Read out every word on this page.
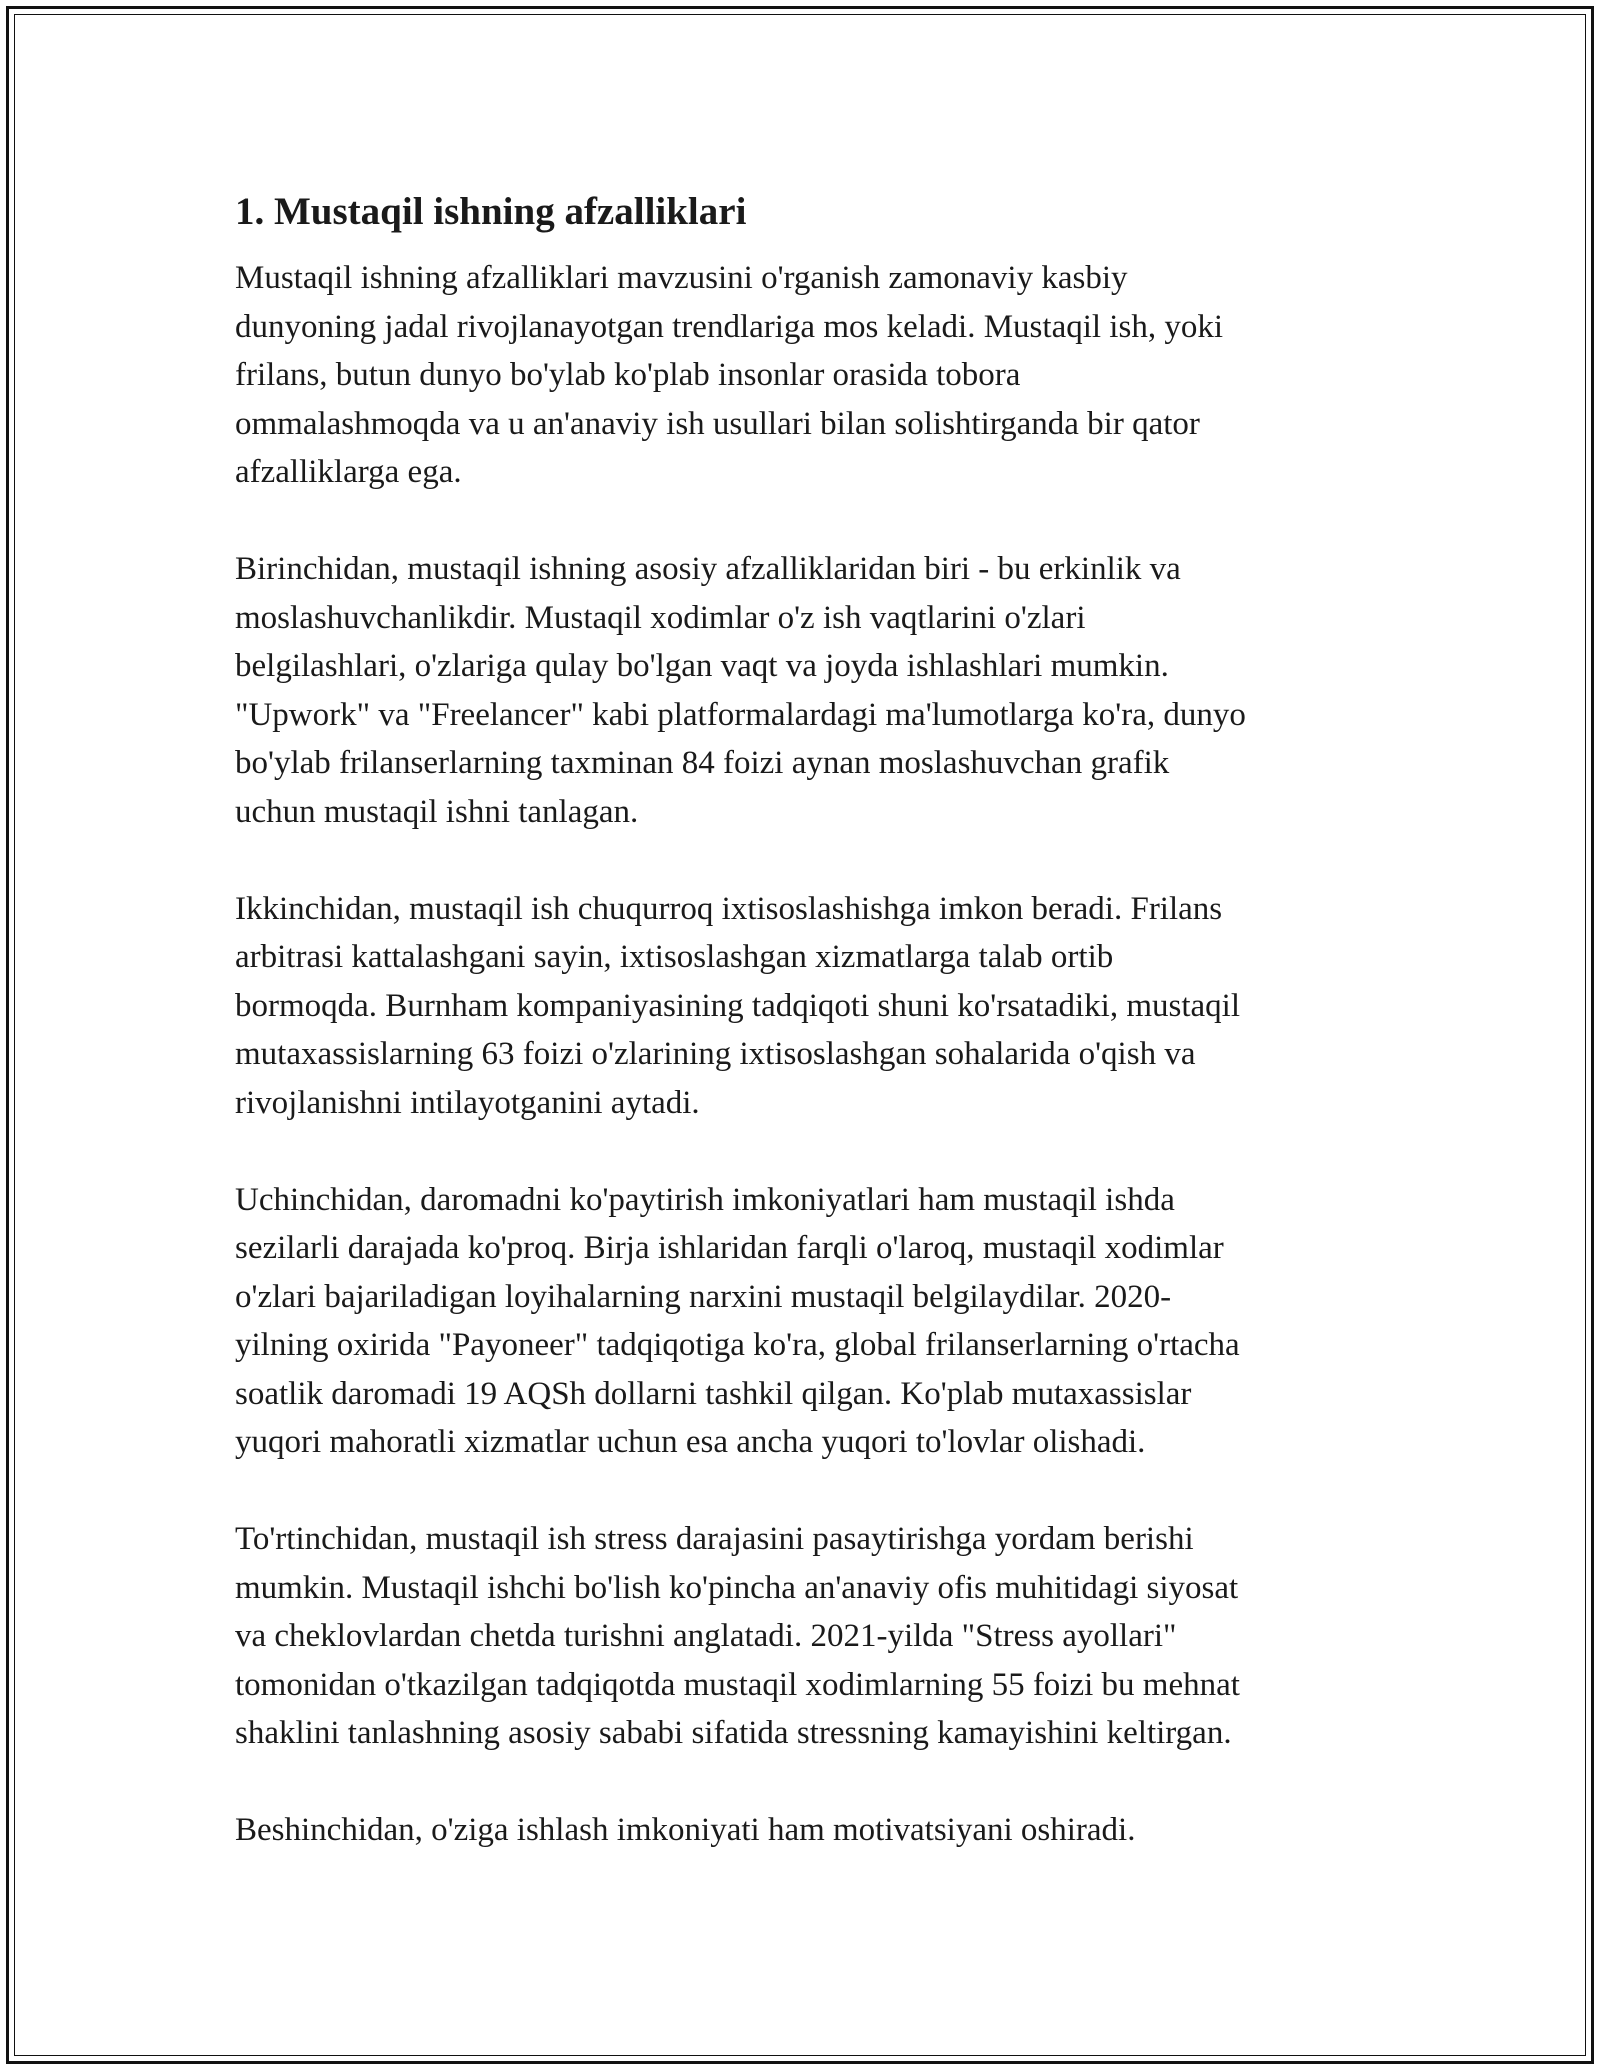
1. Mustaqil ishning afzalliklari

Mustaqil ishning afzalliklari mavzusini o'rganish zamonaviy kasbiy
dunyoning jadal rivojlanayotgan trendlariga mos keladi. Mustaqil ish, yoki
frilans, butun dunyo bo'ylab ko'plab insonlar orasida tobora
ommalashmoqda va u an'anaviy ish usullari bilan solishtirganda bir qator
afzalliklarga ega.

Birinchidan, mustaqil ishning asosiy afzalliklaridan biri - bu erkinlik va
moslashuvchanlikdir. Mustaqil xodimlar o'z ish vaqtlarini o'zlari
belgilashlari, o'zlariga qulay bo'lgan vaqt va joyda ishlashlari mumkin.
"Upwork" va "Freelancer" kabi platformalardagi ma'lumotlarga ko'ra, dunyo
bo'ylab frilanserlarning taxminan 84 foizi aynan moslashuvchan grafik
uchun mustaqil ishni tanlagan.

Ikkinchidan, mustaqil ish chuqurroq ixtisoslashishga imkon beradi. Frilans
arbitrasi kattalashgani sayin, ixtisoslashgan xizmatlarga talab ortib
bormoqda. Burnham kompaniyasining tadqiqoti shuni ko'rsatadiki, mustaqil
mutaxassislarning 63 foizi o'zlarining ixtisoslashgan sohalarida o'qish va
rivojlanishni intilayotganini aytadi.

Uchinchidan, daromadni ko'paytirish imkoniyatlari ham mustaqil ishda
sezilarli darajada ko'proq. Birja ishlaridan farqli o'laroq, mustaqil xodimlar
o'zlari bajariladigan loyihalarning narxini mustaqil belgilaydilar. 2020-
yilning oxirida "Payoneer" tadqiqotiga ko'ra, global frilanserlarning o'rtacha
soatlik daromadi 19 AQSh dollarni tashkil qilgan. Ko'plab mutaxassislar
yuqori mahoratli xizmatlar uchun esa ancha yuqori to'lovlar olishadi.

To'rtinchidan, mustaqil ish stress darajasini pasaytirishga yordam berishi
mumkin. Mustaqil ishchi bo'lish ko'pincha an'anaviy ofis muhitidagi siyosat
va cheklovlardan chetda turishni anglatadi. 2021-yilda "Stress ayollari"
tomonidan o'tkazilgan tadqiqotda mustaqil xodimlarning 55 foizi bu mehnat
shaklini tanlashning asosiy sababi sifatida stressning kamayishini keltirgan.

Beshinchidan, o'ziga ishlash imkoniyati ham motivatsiyani oshiradi.
